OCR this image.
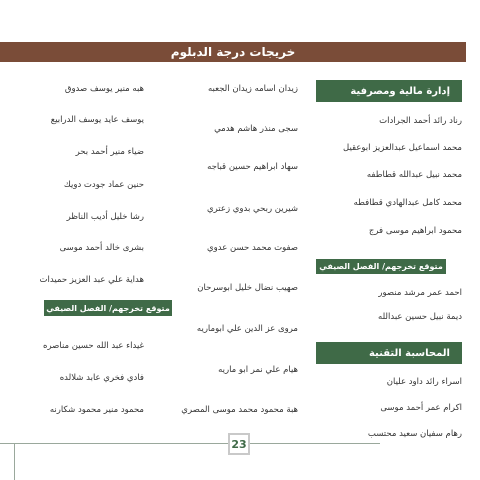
خريجات درجة الدبلوم
إدارة مالية ومصرفية
رناد رائد أحمد الجرادات
محمد اسماعيل عبدالعزيز ابوعقيل
محمد نبيل عبدالله قطاطفه
محمد كامل عبدالهادي قطافطه
محمود ابراهيم موسى فرج
متوقع تخرجهم/ الفصل الصيفي
احمد عمر مرشد منصور
ديمة نبيل حسين عبدالله
المحاسبة التقنية
اسراء رائد داود عليان
اكرام عمر أحمد موسى
رهام سفيان سعيد محتسب
زيدان اسامه زيدان الجعبه
سجى منذر هاشم هدمي
سهاد ابراهيم حسين قباجه
شيرين ربحي بدوي زعتري
صفوت محمد حسن عدوي
صهيب نضال خليل ابوسرحان
مروى عز الدين علي ابوماريه
هيام علي نمر ابو ماريه
هبة محمود محمد موسى المصري
هبه منير يوسف صدوق
يوسف عايد يوسف الدرابيع
ضياء منير أحمد بحر
حنين عماد جودت دويك
رشا خليل أديب الناظر
بشرى خالد أحمد موسى
هداية علي عبد العزيز حميدات
متوقع تخرجهم/ الفصل الصيفي
غيداء عبد الله حسين مناصره
فادي فخري عابد شلالده
محمود منير محمود شكارنه
23
